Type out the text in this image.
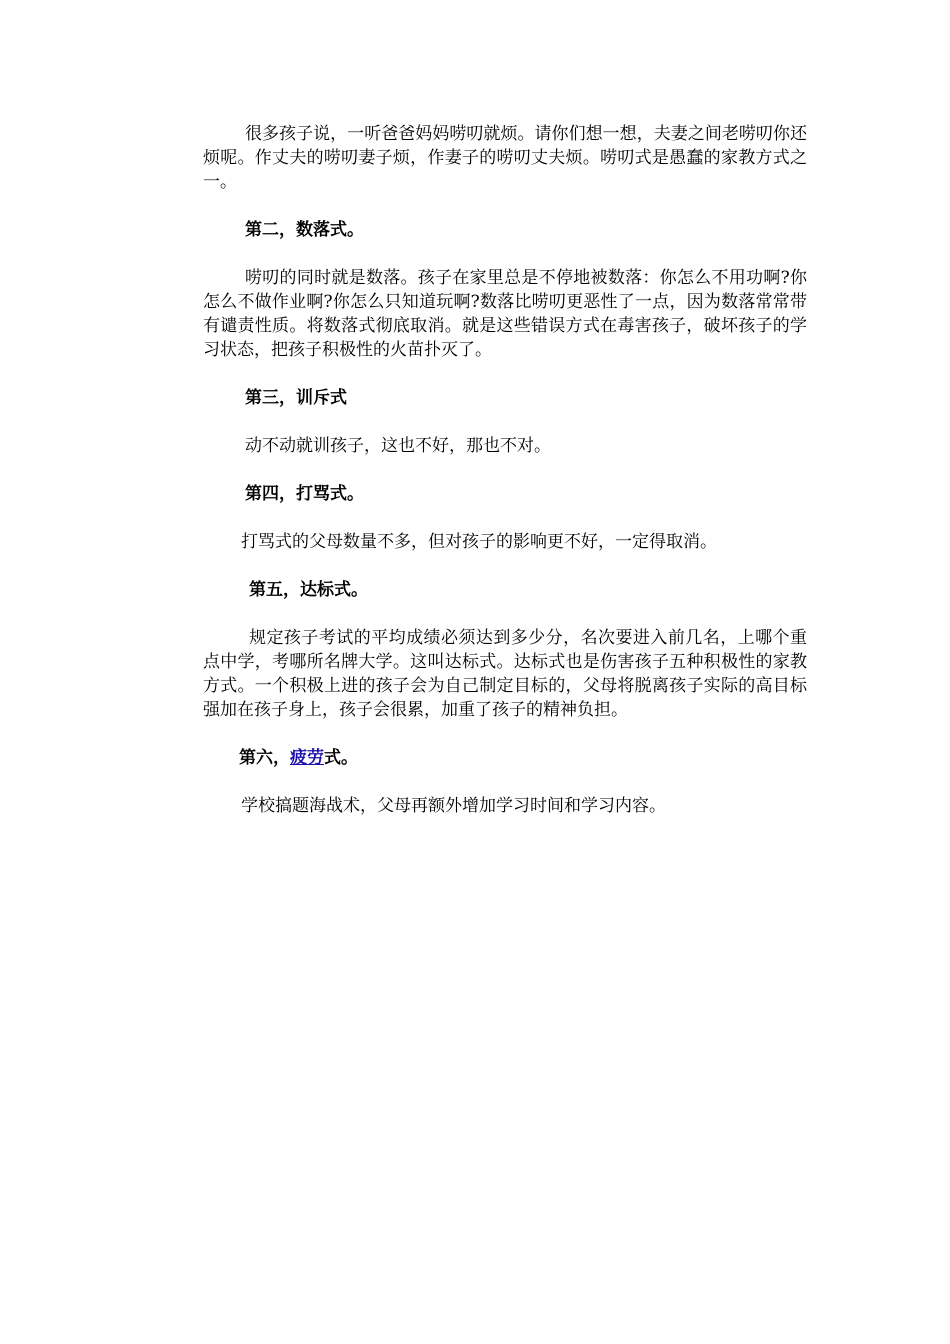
很多孩子说，一听爸爸妈妈唠叨就烦。请你们想一想，夫妻之间老唠叨你还烦呢。作丈夫的唠叨妻子烦，作妻子的唠叨丈夫烦。唠叨式是愚蠢的家教方式之一。

第二，数落式。

唠叨的同时就是数落。孩子在家里总是不停地被数落：你怎么不用功啊?你怎么不做作业啊?你怎么只知道玩啊?数落比唠叨更恶性了一点，因为数落常常带有谴责性质。将数落式彻底取消。就是这些错误方式在毒害孩子，破坏孩子的学习状态，把孩子积极性的火苗扑灭了。

第三，训斥式

动不动就训孩子，这也不好，那也不对。

第四，打骂式。

打骂式的父母数量不多，但对孩子的影响更不好，一定得取消。

第五，达标式。

规定孩子考试的平均成绩必须达到多少分，名次要进入前几名，上哪个重点中学，考哪所名牌大学。这叫达标式。达标式也是伤害孩子五种积极性的家教方式。一个积极上进的孩子会为自己制定目标的，父母将脱离孩子实际的高目标强加在孩子身上，孩子会很累，加重了孩子的精神负担。

第六，疲劳式。

学校搞题海战术，父母再额外增加学习时间和学习内容。
